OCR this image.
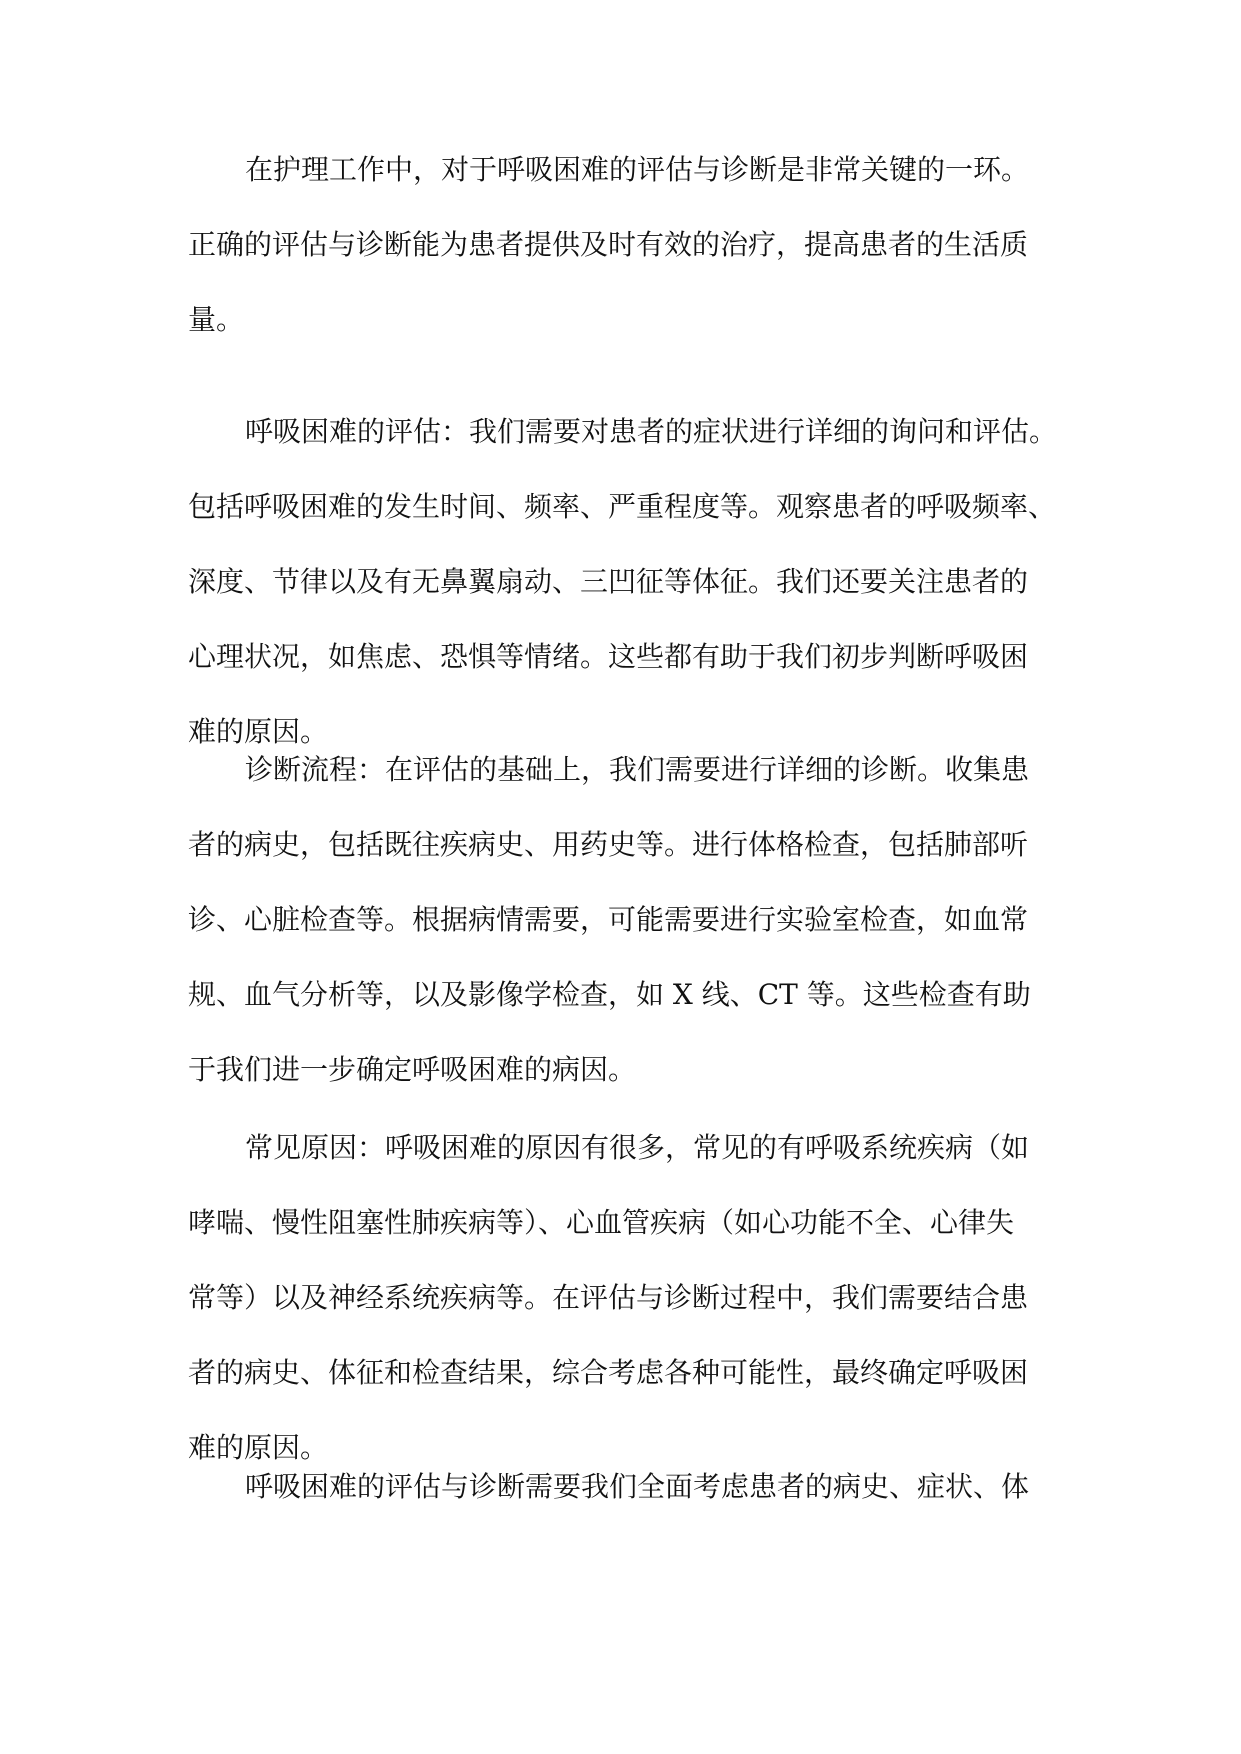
在护理工作中，对于呼吸困难的评估与诊断是非常关键的一环。
正确的评估与诊断能为患者提供及时有效的治疗，提高患者的生活质
量。

呼吸困难的评估：我们需要对患者的症状进行详细的询问和评估。
包括呼吸困难的发生时间、频率、严重程度等。观察患者的呼吸频率、
深度、节律以及有无鼻翼扇动、三凹征等体征。我们还要关注患者的
心理状况，如焦虑、恐惧等情绪。这些都有助于我们初步判断呼吸困
难的原因。

诊断流程：在评估的基础上，我们需要进行详细的诊断。收集患
者的病史，包括既往疾病史、用药史等。进行体格检查，包括肺部听
诊、心脏检查等。根据病情需要，可能需要进行实验室检查，如血常
规、血气分析等，以及影像学检查，如 X 线、CT 等。这些检查有助
于我们进一步确定呼吸困难的病因。

常见原因：呼吸困难的原因有很多，常见的有呼吸系统疾病（如
哮喘、慢性阻塞性肺疾病等）、心血管疾病（如心功能不全、心律失
常等）以及神经系统疾病等。在评估与诊断过程中，我们需要结合患
者的病史、体征和检查结果，综合考虑各种可能性，最终确定呼吸困
难的原因。

呼吸困难的评估与诊断需要我们全面考虑患者的病史、症状、体
